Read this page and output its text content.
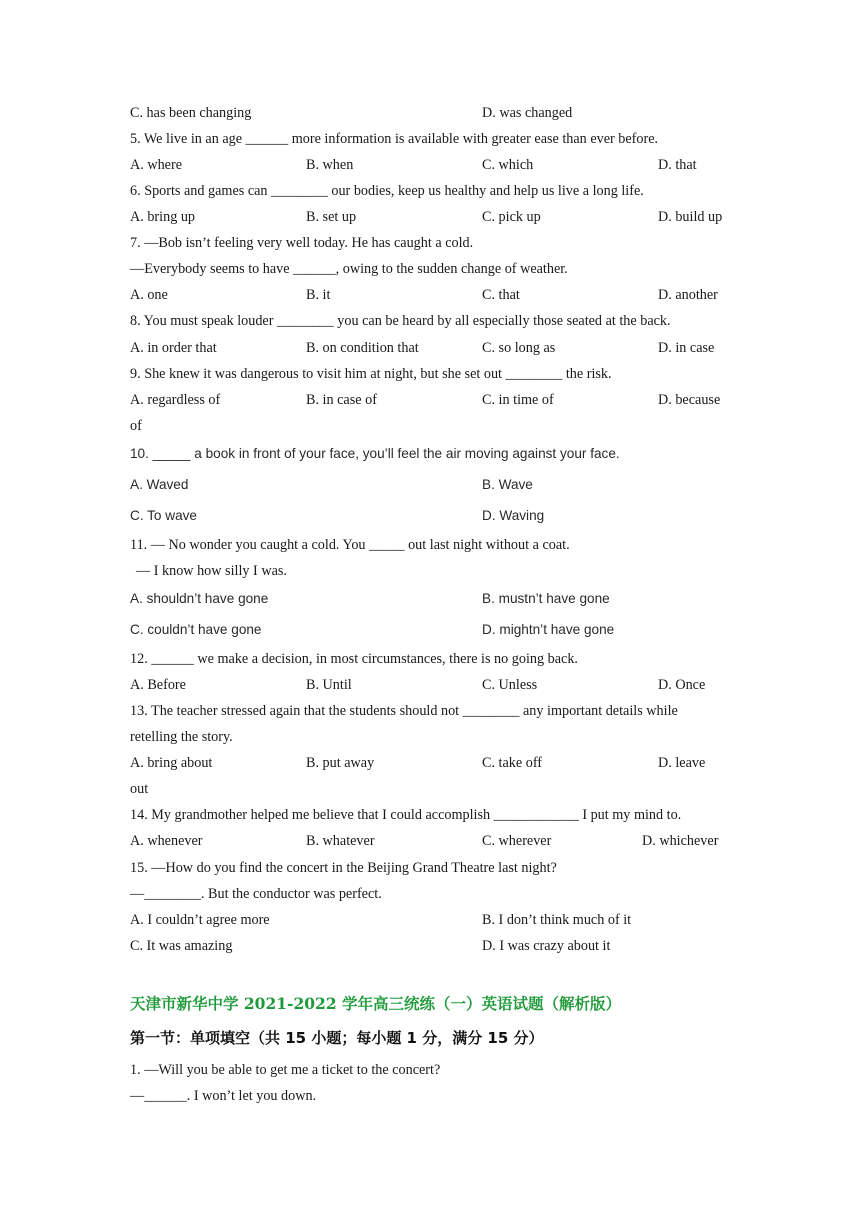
C. has been changing	D. was changed
5. We live in an age ______ more information is available with greater ease than ever before.
A. where	B. when	C. which	D. that
6. Sports and games can ________ our bodies, keep us healthy and help us live a long life.
A. bring up	B. set up	C. pick up	D. build up
7. —Bob isn’t feeling very well today. He has caught a cold.
—Everybody seems to have ______, owing to the sudden change of weather.
A. one	B. it	C. that	D. another
8. You must speak louder ________ you can be heard by all especially those seated at the back.
A. in order that	B. on condition that	C. so long as	D. in case
9. She knew it was dangerous to visit him at night, but she set out ________ the risk.
A. regardless of	B. in case of	C. in time of	D. because
of
10. _____ a book in front of your face, you’ll feel the air moving against your face.
A. Waved	B. Wave
C. To wave	D. Waving
11. — No wonder you caught a cold. You _____ out last night without a coat.
— I know how silly I was.
A. shouldn’t have gone	B. mustn’t have gone
C. couldn’t have gone	D. mightn’t have gone
12. ______ we make a decision, in most circumstances, there is no going back.
A. Before	B. Until	C. Unless	D. Once
13. The teacher stressed again that the students should not ________ any important details while
retelling the story.
A. bring about	B. put away	C. take off	D. leave
out
14. My grandmother helped me believe that I could accomplish ____________ I put my mind to.
A. whenever	B. whatever	C. wherever	D. whichever
15. —How do you find the concert in the Beijing Grand Theatre last night?
—________. But the conductor was perfect.
A. I couldn’t agree more	B. I don’t think much of it
C. It was amazing	D. I was crazy about it
天津市新华中学 2021-2022 学年高三统练（一）英语试题（解析版）
第一节：单项填空（共 15 小题；每小题 1 分，满分 15 分）
1. —Will you be able to get me a ticket to the concert?
—______. I won’t let you down.
